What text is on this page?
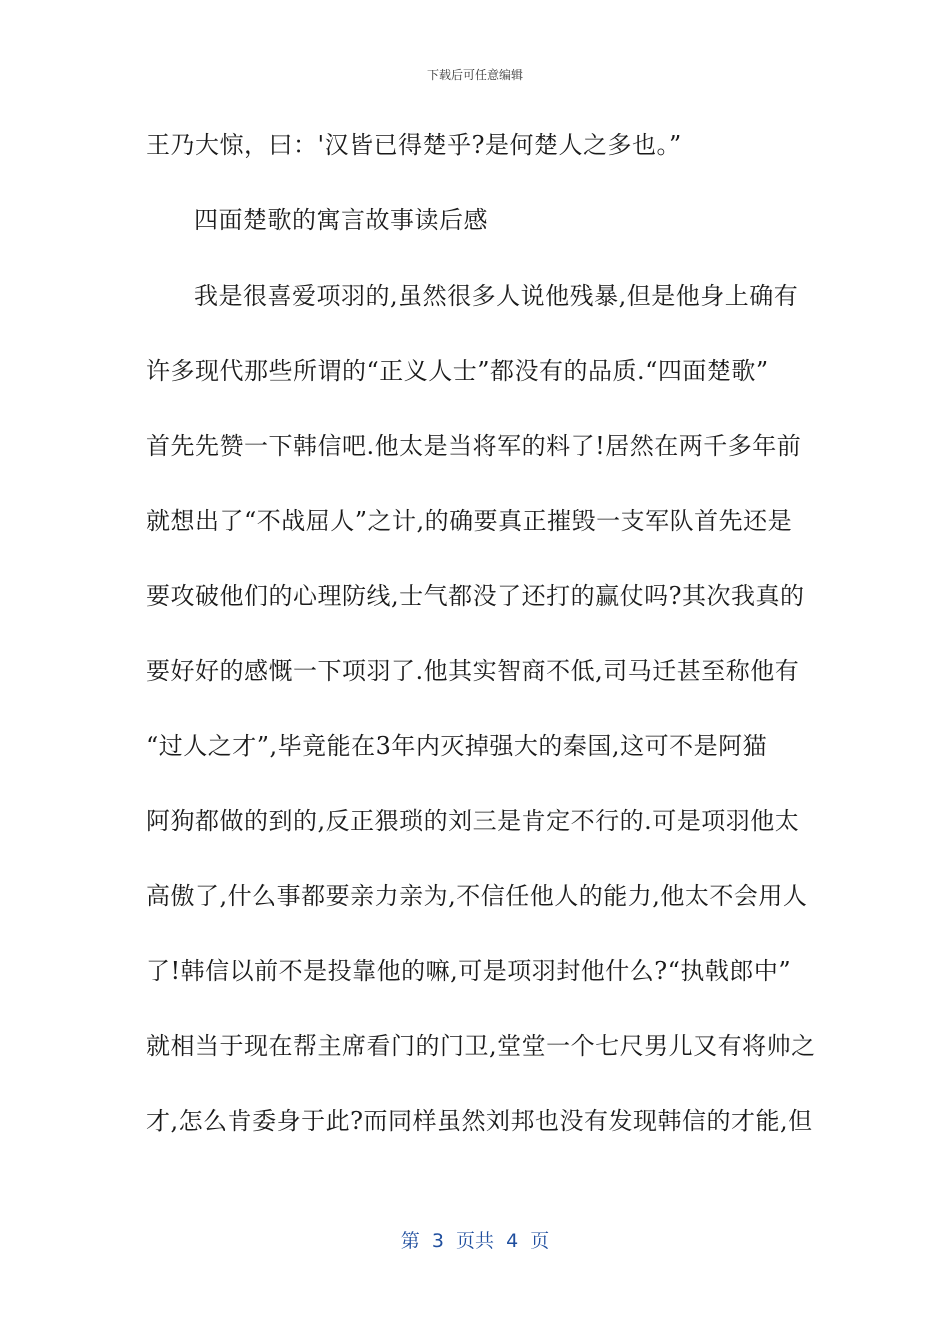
下载后可任意编辑
王乃大惊，曰：'汉皆已得楚乎?是何楚人之多也。”
四面楚歌的寓言故事读后感
我是很喜爱项羽的,虽然很多人说他残暴,但是他身上确有
许多现代那些所谓的“正义人士”都没有的品质.“四面楚歌”
首先先赞一下韩信吧.他太是当将军的料了!居然在两千多年前
就想出了“不战屈人”之计,的确要真正摧毁一支军队首先还是
要攻破他们的心理防线,士气都没了还打的赢仗吗?其次我真的
要好好的感慨一下项羽了.他其实智商不低,司马迁甚至称他有
“过人之才”,毕竟能在3年内灭掉强大的秦国,这可不是阿猫
阿狗都做的到的,反正猥琐的刘三是肯定不行的.可是项羽他太
高傲了,什么事都要亲力亲为,不信任他人的能力,他太不会用人
了!韩信以前不是投靠他的嘛,可是项羽封他什么?“执戟郎中”
就相当于现在帮主席看门的门卫,堂堂一个七尺男儿又有将帅之
才,怎么肯委身于此?而同样虽然刘邦也没有发现韩信的才能,但
第  3  页共  4  页
